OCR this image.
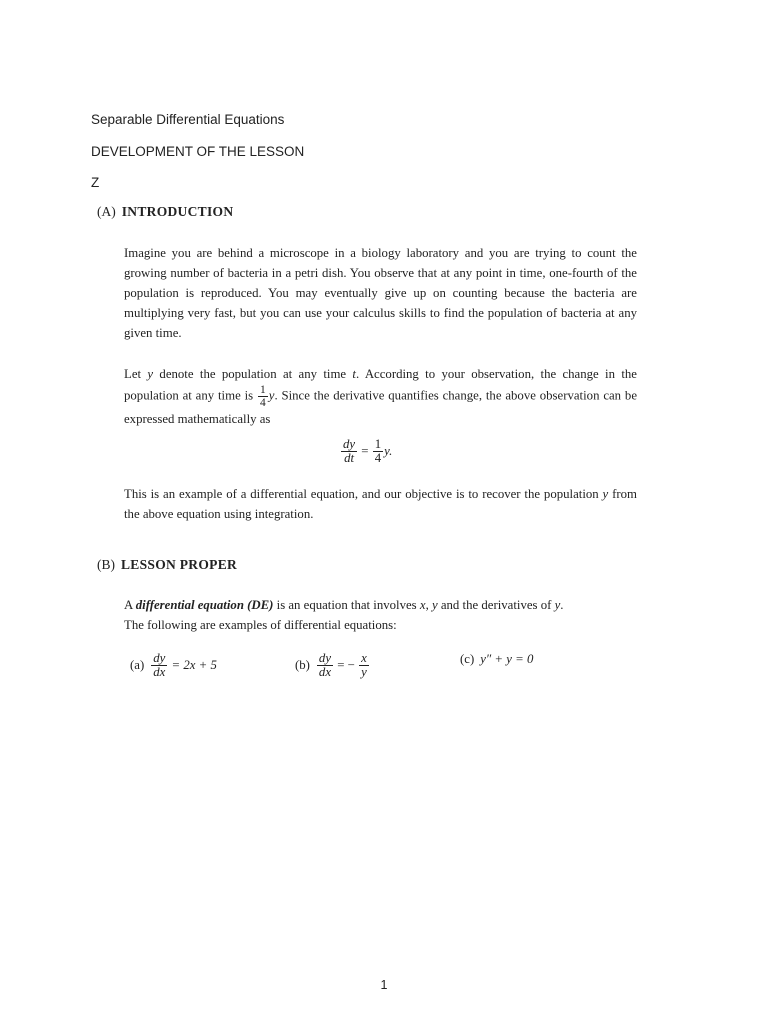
Separable Differential Equations

DEVELOPMENT OF THE LESSON

Z

(A) INTRODUCTION

Imagine you are behind a microscope in a biology laboratory and you are trying to count the growing number of bacteria in a petri dish. You observe that at any point in time, one-fourth of the population is reproduced. You may eventually give up on counting because the bacteria are multiplying very fast, but you can use your calculus skills to find the population of bacteria at any given time.

Let y denote the population at any time t. According to your observation, the change in the population at any time is $\frac{1}{4} y$. Since the derivative quantifies change, the above observation can be expressed mathematically as

$\frac{dy}{dt} = \frac{1}{4} y$.

This is an example of a differential equation, and our objective is to recover the population y from the above equation using integration.

(B) LESSON PROPER

A differential equation (DE) is an equation that involves x, y and the derivatives of y.
The following are examples of differential equations:

$(a) \frac{dy}{dx} = 2x + 5$	$(b) \frac{dy}{dx}$ = − $\frac{x}{y}$	(c) y″ + y = 0
1
